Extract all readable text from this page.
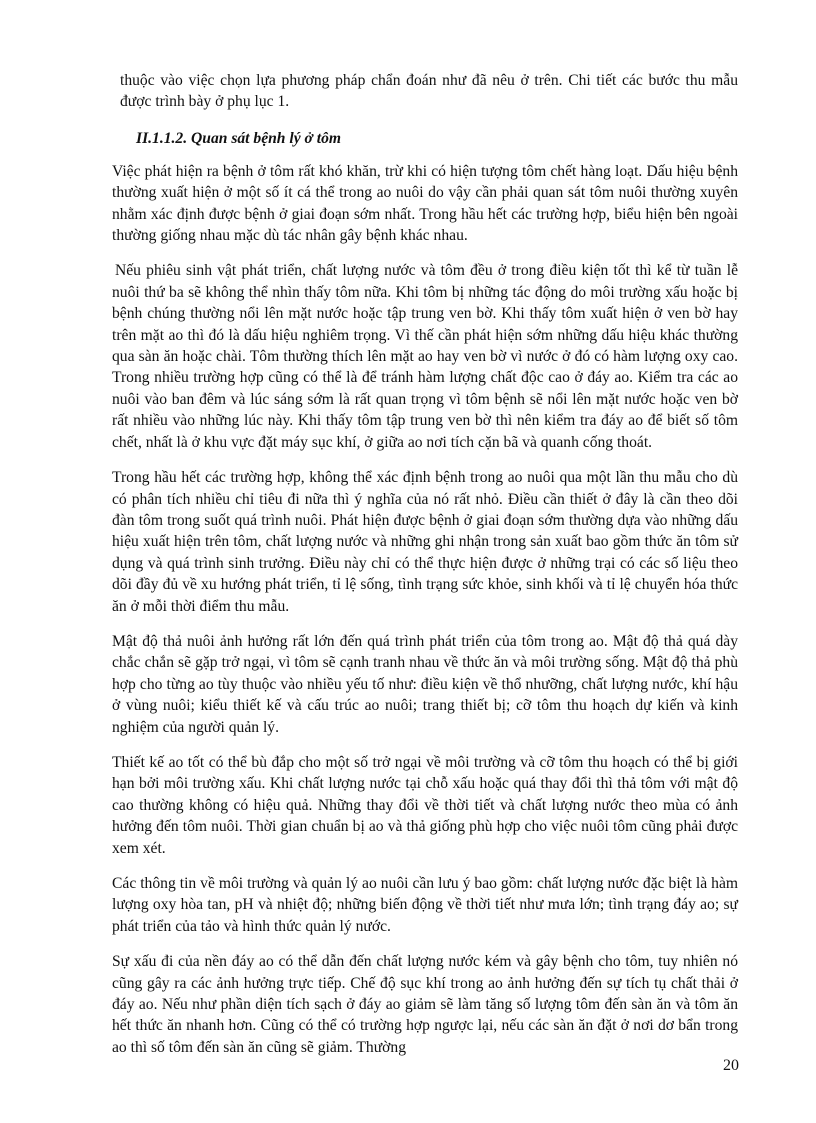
thuộc vào việc chọn lựa phương pháp chẩn đoán như đã nêu ở trên. Chi tiết các bước thu mẫu được trình bày ở phụ lục 1.

II.1.1.2. Quan sát bệnh lý ở tôm

Việc phát hiện ra bệnh ở tôm rất khó khăn, trừ khi có hiện tượng tôm chết hàng loạt. Dấu hiệu bệnh thường xuất hiện ở một số ít cá thể trong ao nuôi do vậy cần phải quan sát tôm nuôi thường xuyên nhằm xác định được bệnh ở giai đoạn sớm nhất. Trong hầu hết các trường hợp, biểu hiện bên ngoài thường giống nhau mặc dù tác nhân gây bệnh khác nhau.

Nếu phiêu sinh vật phát triển, chất lượng nước và tôm đều ở trong điều kiện tốt thì kể từ tuần lễ nuôi thứ ba sẽ không thể nhìn thấy tôm nữa. Khi tôm bị những tác động do môi trường xấu hoặc bị bệnh chúng thường nổi lên mặt nước hoặc tập trung ven bờ. Khi thấy tôm xuất hiện ở ven bờ hay trên mặt ao thì đó là dấu hiệu nghiêm trọng. Vì thế cần phát hiện sớm những dấu hiệu khác thường qua sàn ăn hoặc chài. Tôm thường thích lên mặt ao hay ven bờ vì nước ở đó có hàm lượng oxy cao. Trong nhiều trường hợp cũng có thể là để tránh hàm lượng chất độc cao ở đáy ao. Kiểm tra các ao nuôi vào ban đêm và lúc sáng sớm là rất quan trọng vì tôm bệnh sẽ nổi lên mặt nước hoặc ven bờ rất nhiều vào những lúc này. Khi thấy tôm tập trung ven bờ thì nên kiểm tra đáy ao để biết số tôm chết, nhất là ở khu vực đặt máy sục khí, ở giữa ao nơi tích cặn bã và quanh cống thoát.

Trong hầu hết các trường hợp, không thể xác định bệnh trong ao nuôi qua một lần thu mẫu cho dù có phân tích nhiều chỉ tiêu đi nữa thì ý nghĩa của nó rất nhỏ. Điều cần thiết ở đây là cần theo dõi đàn tôm trong suốt quá trình nuôi. Phát hiện được bệnh ở giai đoạn sớm thường dựa vào những dấu hiệu xuất hiện trên tôm, chất lượng nước và những ghi nhận trong sản xuất bao gồm thức ăn tôm sử dụng và quá trình sinh trưởng. Điều này chỉ có thể thực hiện được ở những trại có các số liệu theo dõi đầy đủ về xu hướng phát triển, tỉ lệ sống, tình trạng sức khỏe, sinh khối và tỉ lệ chuyển hóa thức ăn ở mỗi thời điểm thu mẫu.

Mật độ thả nuôi ảnh hưởng rất lớn đến quá trình phát triển của tôm trong ao. Mật độ thả quá dày chắc chắn sẽ gặp trở ngại, vì tôm sẽ cạnh tranh nhau về thức ăn và môi trường sống. Mật độ thả phù hợp cho từng ao tùy thuộc vào nhiều yếu tố như: điều kiện về thổ nhưỡng, chất lượng nước, khí hậu ở vùng nuôi; kiểu thiết kế và cấu trúc ao nuôi; trang thiết bị; cỡ tôm thu hoạch dự kiến và kinh nghiệm của người quản lý.

Thiết kế ao tốt có thể bù đắp cho một số trở ngại về môi trường và cỡ tôm thu hoạch có thể bị giới hạn bởi môi trường xấu. Khi chất lượng nước tại chỗ xấu hoặc quá thay đổi thì thả tôm với mật độ cao thường không có hiệu quả. Những thay đổi về thời tiết và chất lượng nước theo mùa có ảnh hưởng đến tôm nuôi. Thời gian chuẩn bị ao và thả giống phù hợp cho việc nuôi tôm cũng phải được xem xét.

Các thông tin về môi trường và quản lý ao nuôi cần lưu ý bao gồm: chất lượng nước đặc biệt là hàm lượng oxy hòa tan, pH và nhiệt độ; những biến động về thời tiết như mưa lớn; tình trạng đáy ao; sự phát triển của tảo và hình thức quản lý nước.

Sự xấu đi của nền đáy ao có thể dẫn đến chất lượng nước kém và gây bệnh cho tôm, tuy nhiên nó cũng gây ra các ảnh hưởng trực tiếp. Chế độ sục khí trong ao ảnh hưởng đến sự tích tụ chất thải ở đáy ao. Nếu như phần diện tích sạch ở đáy ao giảm sẽ làm tăng số lượng tôm đến sàn ăn và tôm ăn hết thức ăn nhanh hơn. Cũng có thể có trường hợp ngược lại, nếu các sàn ăn đặt ở nơi dơ bẩn trong ao thì số tôm đến sàn ăn cũng sẽ giảm. Thường

20
